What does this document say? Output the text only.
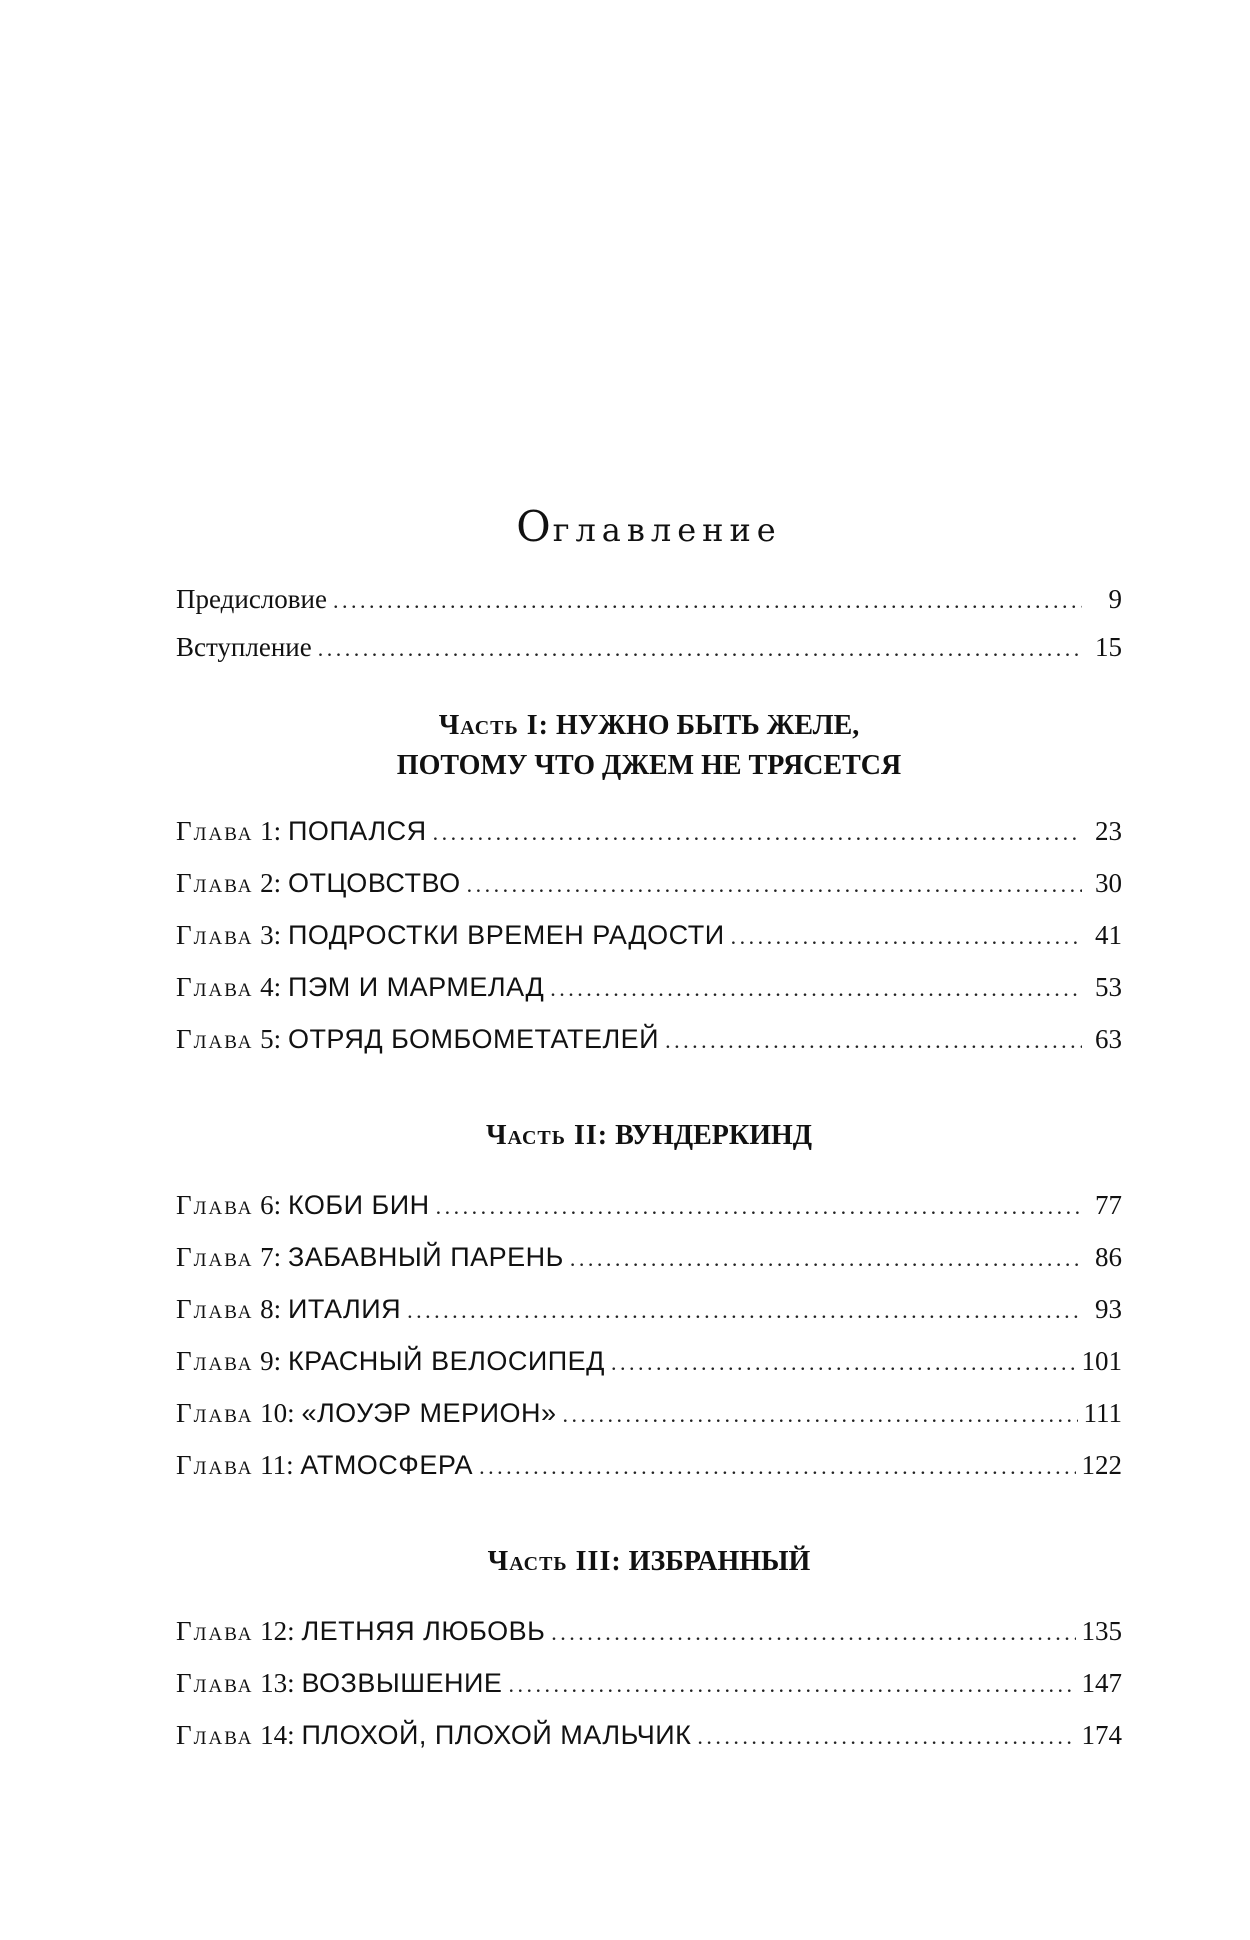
Оглавление
Предисловие . . .	9
Вступление . . .	15
Часть I: НУЖНО БЫТЬ ЖЕЛЕ,
ПОТОМУ ЧТО ДЖЕМ НЕ ТРЯСЕТСЯ
Глава 1: ПОПАЛСЯ . . .	23
Глава 2: ОТЦОВСТВО . . .	30
Глава 3: ПОДРОСТКИ ВРЕМЕН РАДОСТИ . . .	41
Глава 4: ПЭМ И МАРМЕЛАД . . .	53
Глава 5: ОТРЯД БОМБОМЕТАТЕЛЕЙ . . .	63
Часть II: ВУНДЕРКИНД
Глава 6: КОБИ БИН . . .	77
Глава 7: ЗАБАВНЫЙ ПАРЕНЬ . . .	86
Глава 8: ИТАЛИЯ . . .	93
Глава 9: КРАСНЫЙ ВЕЛОСИПЕД . . .	101
Глава 10: «ЛОУЭР МЕРИОН» . . .	111
Глава 11: АТМОСФЕРА . . .	122
Часть III: ИЗБРАННЫЙ
Глава 12: ЛЕТНЯЯ ЛЮБОВЬ . . .	135
Глава 13: ВОЗВЫШЕНИЕ . . .	147
Глава 14: ПЛОХОЙ, ПЛОХОЙ МАЛЬЧИК . . .	174
